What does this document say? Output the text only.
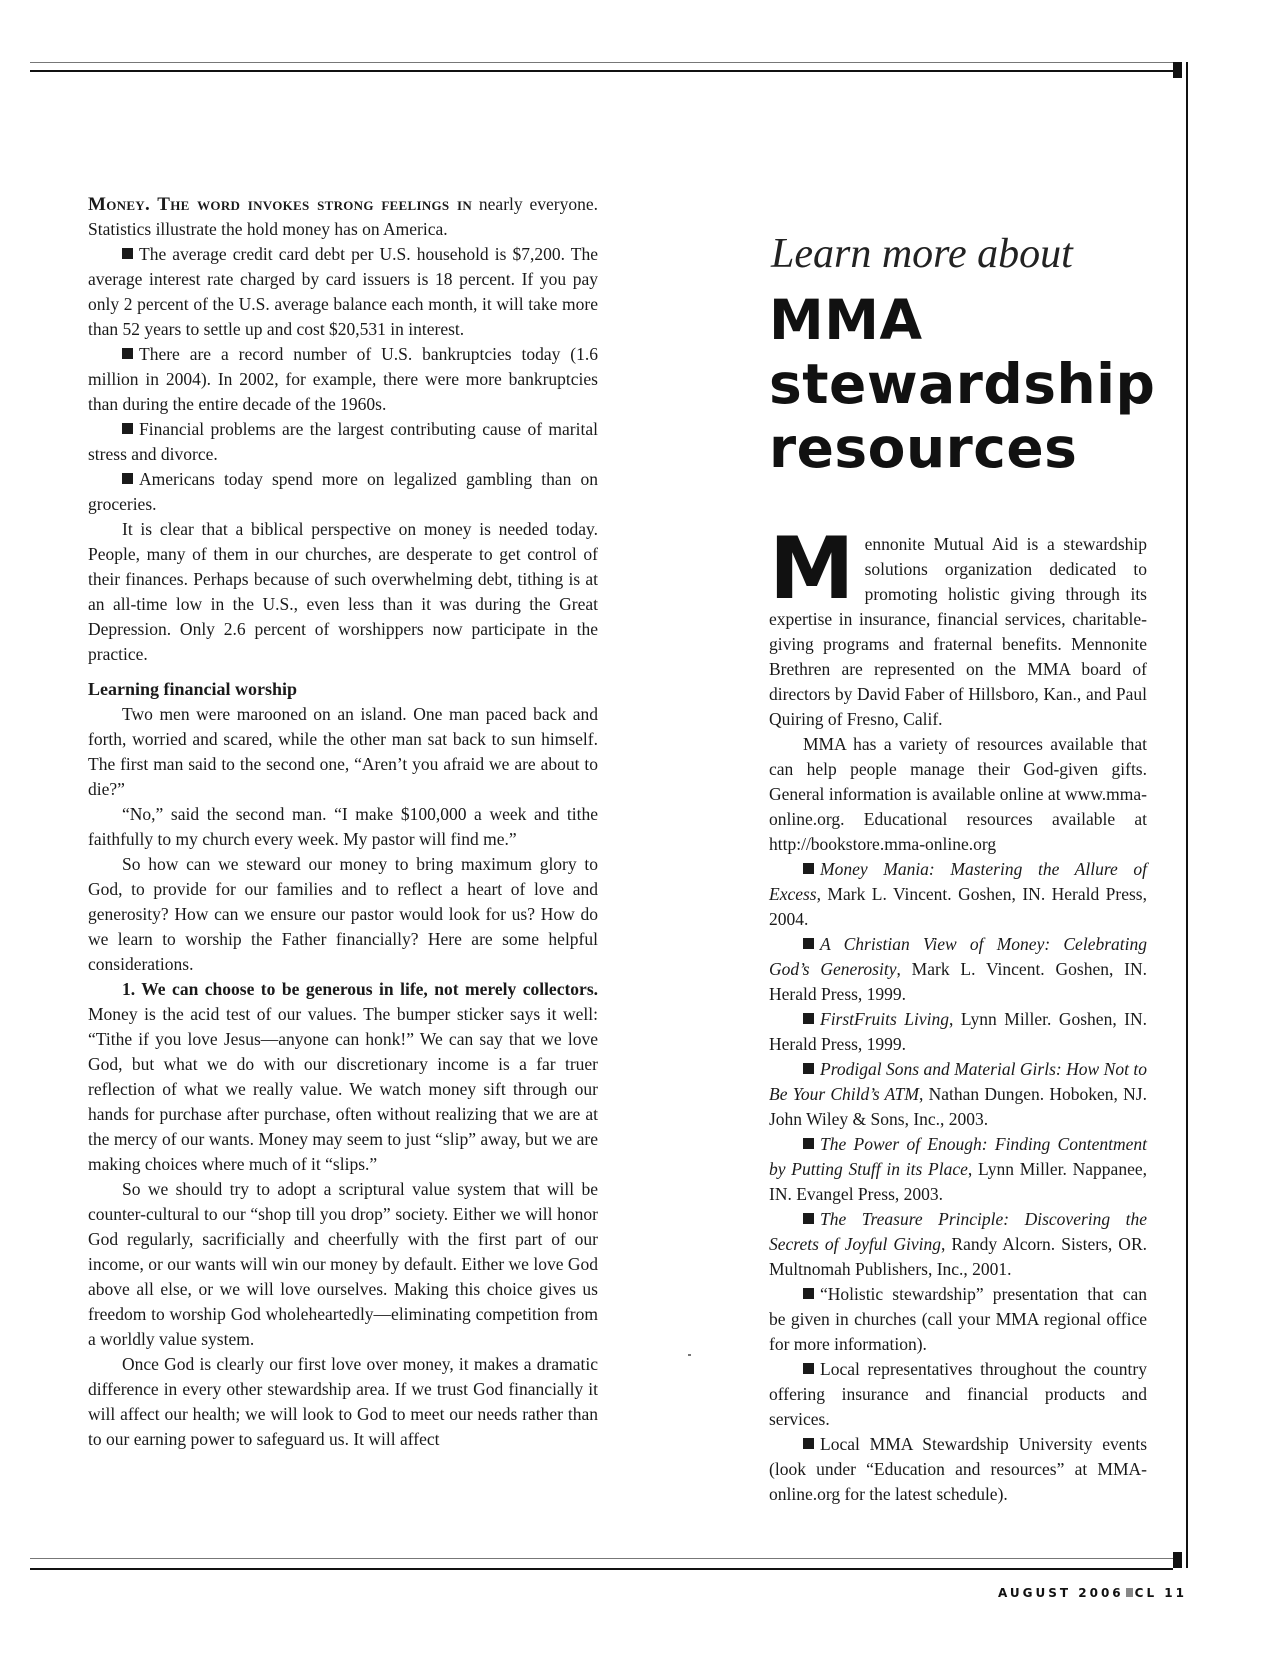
Money. The word invokes strong feelings in nearly everyone. Statistics illustrate the hold money has on America.

The average credit card debt per U.S. household is $7,200. The average interest rate charged by card issuers is 18 percent. If you pay only 2 percent of the U.S. average balance each month, it will take more than 52 years to settle up and cost $20,531 in interest.

There are a record number of U.S. bankruptcies today (1.6 million in 2004). In 2002, for example, there were more bankruptcies than during the entire decade of the 1960s.

Financial problems are the largest contributing cause of marital stress and divorce.

Americans today spend more on legalized gambling than on groceries.

It is clear that a biblical perspective on money is needed today. People, many of them in our churches, are desperate to get control of their finances. Perhaps because of such overwhelming debt, tithing is at an all-time low in the U.S., even less than it was during the Great Depression. Only 2.6 percent of worshippers now participate in the practice.

Learning financial worship

Two men were marooned on an island. One man paced back and forth, worried and scared, while the other man sat back to sun himself. The first man said to the second one, “Aren’t you afraid we are about to die?”

“No,” said the second man. “I make $100,000 a week and tithe faithfully to my church every week. My pastor will find me.”

So how can we steward our money to bring maximum glory to God, to provide for our families and to reflect a heart of love and generosity? How can we ensure our pastor would look for us? How do we learn to worship the Father financially? Here are some helpful considerations.

1. We can choose to be generous in life, not merely collectors. Money is the acid test of our values. The bumper sticker says it well: “Tithe if you love Jesus—anyone can honk!” We can say that we love God, but what we do with our discretionary income is a far truer reflection of what we really value. We watch money sift through our hands for purchase after purchase, often without realizing that we are at the mercy of our wants. Money may seem to just “slip” away, but we are making choices where much of it “slips.”

So we should try to adopt a scriptural value system that will be counter-cultural to our “shop till you drop” society. Either we will honor God regularly, sacrificially and cheerfully with the first part of our income, or our wants will win our money by default. Either we love God above all else, or we will love ourselves. Making this choice gives us freedom to worship God wholeheartedly—eliminating competition from a worldly value system.

Once God is clearly our first love over money, it makes a dramatic difference in every other stewardship area. If we trust God financially it will affect our health; we will look to God to meet our needs rather than to our earning power to safeguard us. It will affect

Learn more about
MMA
stewardship
resources

Mennonite Mutual Aid is a stewardship solutions organization dedicated to promoting holistic giving through its expertise in insurance, financial services, charitable-giving programs and fraternal benefits. Mennonite Brethren are represented on the MMA board of directors by David Faber of Hillsboro, Kan., and Paul Quiring of Fresno, Calif.

MMA has a variety of resources available that can help people manage their God-given gifts. General information is available online at www.mma-online.org. Educational resources available at http://bookstore.mma-online.org

Money Mania: Mastering the Allure of Excess, Mark L. Vincent. Goshen, IN. Herald Press, 2004.

A Christian View of Money: Celebrating God’s Generosity, Mark L. Vincent. Goshen, IN. Herald Press, 1999.

FirstFruits Living, Lynn Miller. Goshen, IN. Herald Press, 1999.

Prodigal Sons and Material Girls: How Not to Be Your Child’s ATM, Nathan Dungen. Hoboken, NJ. John Wiley & Sons, Inc., 2003.

The Power of Enough: Finding Contentment by Putting Stuff in its Place, Lynn Miller. Nappanee, IN. Evangel Press, 2003.

The Treasure Principle: Discovering the Secrets of Joyful Giving, Randy Alcorn. Sisters, OR. Multnomah Publishers, Inc., 2001.

“Holistic stewardship” presentation that can be given in churches (call your MMA regional office for more information).

Local representatives throughout the country offering insurance and financial products and services.

Local MMA Stewardship University events (look under “Education and resources” at MMA-online.org for the latest schedule).

AUGUST 2006 CL 11
